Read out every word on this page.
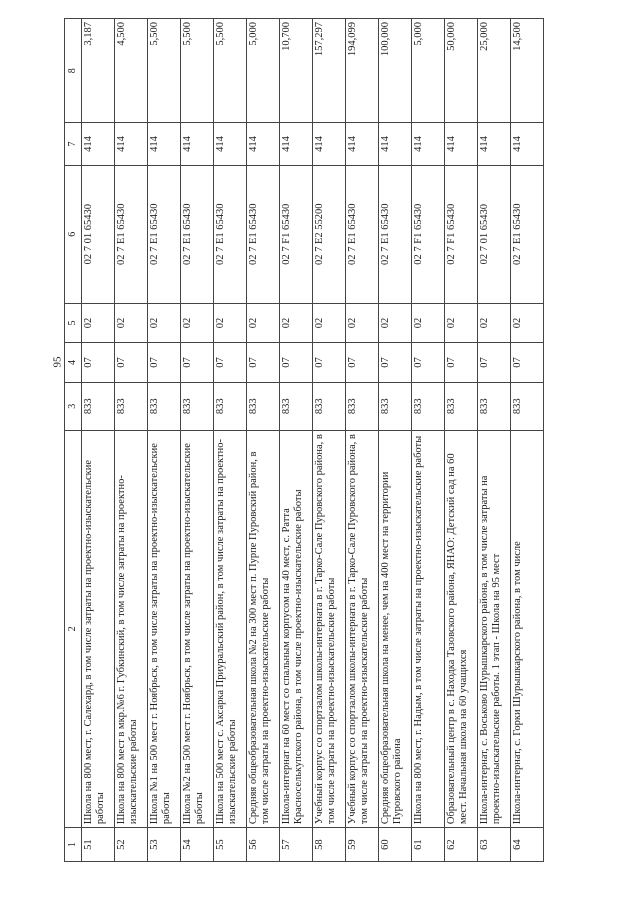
95
1	2	3	4	5	6	7	8
51	Школа на 800 мест, г. Салехард, в том числе затраты на проектно-изыскательские работы	833	07	02	02 7 01 65430	414	3,187
52	Школа на 800 мест в мкр.№6 г. Губкинский, в том числе затраты на проектно-изыскательские работы	833	07	02	02 7 E1 65430	414	4,500
53	Школа №1 на 500 мест г. Ноябрьск, в том числе затраты на проектно-изыскательские работы	833	07	02	02 7 E1 65430	414	5,500
54	Школа №2 на 500 мест г. Ноябрьск, в том числе затраты на проектно-изыскательские работы	833	07	02	02 7 E1 65430	414	5,500
55	Школа на 500 мест с. Аксарка Приуральский район, в том числе затраты на проектно-изыскательские работы	833	07	02	02 7 E1 65430	414	5,500
56	Средняя общеобразовательная школа №2 на 300 мест п. Пурпе Пуровский район, в том числе затраты на проектно-изыскательские работы	833	07	02	02 7 E1 65430	414	5,000
57	Школа-интернат на 60 мест со спальным корпусом на 40 мест, с. Ратта Красноселькупского района, в том числе проектно-изыскательские работы	833	07	02	02 7 F1 65430	414	10,700
58	Учебный корпус со спортзалом школы-интерната в г. Тарко-Сале Пуровского района, в том числе затраты на проектно-изыскательские работы	833	07	02	02 7 E2 55200	414	157,297
59	Учебный корпус со спортзалом школы-интерната в г. Тарко-Сале Пуровского района, в том числе затраты на проектно-изыскательские работы	833	07	02	02 7 E1 65430	414	194,099
60	Средняя общеобразовательная школа на менее, чем на 400 мест на территории Пуровского района	833	07	02	02 7 E1 65430	414	100,000
61	Школа на 800 мест, г. Надым, в том числе затраты на проектно-изыскательские работы	833	07	02	02 7 F1 65430	414	5,000
62	Образовательный центр в с. Находка Тазовского района, ЯНАО: Детский сад на 60 мест. Начальная школа на 60 учащихся	833	07	02	02 7 F1 65430	414	50,000
63	Школа-интернат, с. Воськово Шурышкарского района, в том числе затраты на проектно-изыскательские работы. 1 этап - Школа на 95 мест	833	07	02	02 7 01 65430	414	25,000
64	Школа-интернат, с. Горки Шурышкарского района, в том числе	833	07	02	02 7 E1 65430	414	14,500
